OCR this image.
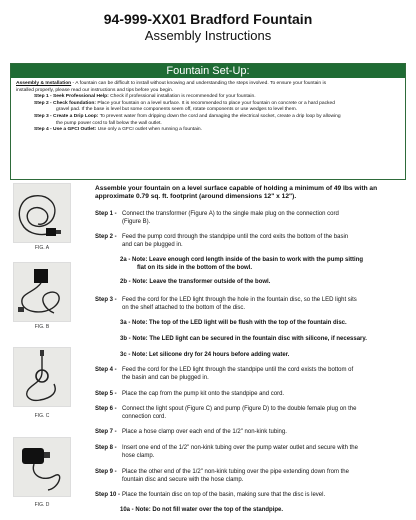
94-999-XX01 Bradford Fountain
Assembly Instructions
Fountain Set-Up:

Assembly & Installation - A fountain can be difficult to install without knowing and understanding the steps involved. To ensure your fountain is

installed properly, please read our instructions and tips before you begin.

Step 1 - Seek Professional Help: Check if professional installation is recommended for your fountain.

Step 2 - Check foundation: Place your fountain on a level surface. It is recommended to place your fountain on concrete or a hard packed

gravel pad. If the base is level but some components seem off, rotate components or use wedges to level them.

Step 3 - Create a Drip Loop: To prevent water from dripping down the cord and damaging the electrical socket, create a drip loop by allowing

the pump power cord to fall below the wall outlet.

Step 4 - Use a GFCI Outlet: Use only a GFCI outlet when running a fountain.

FIG. A
FIG. B
FIG. C
FIG. D
Assemble your fountain on a level surface capable of holding a minimum of 49 lbs with an approximate 0.79 sq. ft. footprint (around dimensions 12" x 12").
Step 1 - Connect the transformer (Figure A) to the single male plug on the connection cord
(Figure B).
Step 2 - Feed the pump cord through the standpipe until the cord exits the bottom of the basin
and can be plugged in.
2a - Note: Leave enough cord length inside of the basin to work with the pump sitting
flat on its side in the bottom of the bowl.
2b - Note: Leave the transformer outside of the bowl.
Step 3 - Feed the cord for the LED light through the hole in the fountain disc, so the LED light sits
on the shelf attached to the bottom of the disc.
3a - Note: The top of the LED light will be flush with the top of the fountain disc.
3b - Note: The LED light can be secured in the fountain disc with silicone, if necessary.
3c - Note: Let silicone dry for 24 hours before adding water.
Step 4 - Feed the cord for the LED light through the standpipe until the cord exists the bottom of
the basin and can be plugged in.
Step 5 - Place the cap from the pump kit onto the standpipe and cord.
Step 6 - Connect the light spout (Figure C) and pump (Figure D) to the double female plug on the
connection cord.
Step 7 - Place a hose clamp over each end of the 1/2" non-kink tubing.
Step 8 - Insert one end of the 1/2" non-kink tubing over the pump water outlet and secure with the
hose clamp.
Step 9 - Place the other end of the 1/2" non-kink tubing over the pipe extending down from the
fountain disc and secure with the hose clamp.
Step 10 - Place the fountain disc on top of the basin, making sure that the disc is level.
10a - Note: Do not fill water over the top of the standpipe.
